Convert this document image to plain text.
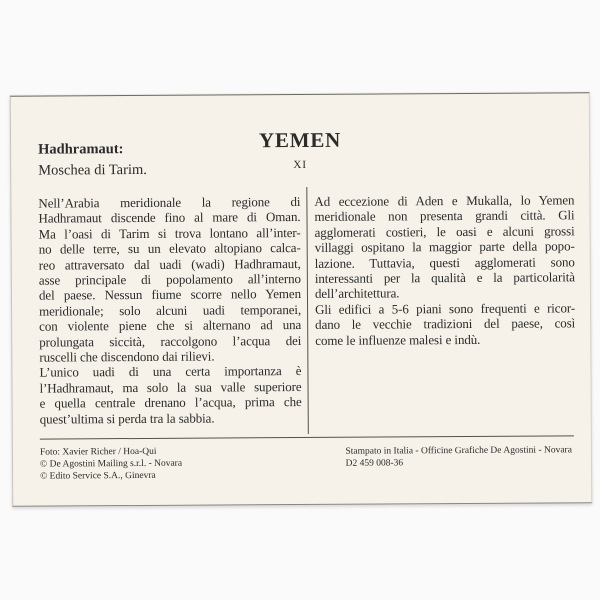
YEMEN
XI
Hadhramaut:
Moschea di Tarim.
Nell’Arabia meridionale la regione di
Hadhramaut discende fino al mare di Oman.
Ma l’oasi di Tarim si trova lontano all’inter-
no delle terre, su un elevato altopiano calca-
reo attraversato dal uadi (wadi) Hadhramaut,
asse principale di popolamento all’interno
del paese. Nessun fiume scorre nello Yemen
meridionale; solo alcuni uadi temporanei,
con violente piene che si alternano ad una
prolungata siccità, raccolgono l’acqua dei
ruscelli che discendono dai rilievi.
L’unico uadi di una certa importanza è
l’Hadhramaut, ma solo la sua valle superiore
e quella centrale drenano l’acqua, prima che
quest’ultima si perda tra la sabbia.
Ad eccezione di Aden e Mukalla, lo Yemen
meridionale non presenta grandi città. Gli
agglomerati costieri, le oasi e alcuni grossi
villaggi ospitano la maggior parte della popo-
lazione. Tuttavia, questi agglomerati sono
interessanti per la qualità e la particolarità
dell’architettura.
Gli edifici a 5-6 piani sono frequenti e ricor-
dano le vecchie tradizioni del paese, così
come le influenze malesi e indù.
Foto: Xavier Richer / Hoa-Qui
© De Agostini Mailing s.r.l. - Novara
© Edito Service S.A., Ginevra
Stampato in Italia - Officine Grafiche De Agostini - Novara
D2 459 008-36
